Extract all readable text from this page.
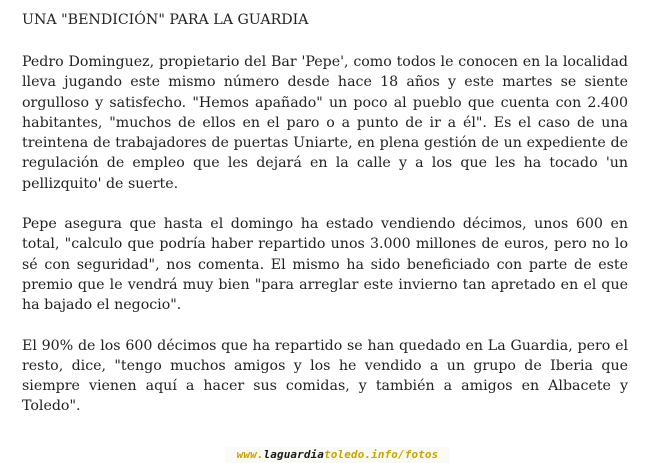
UNA "BENDICIÓN" PARA LA GUARDIA

Pedro Dominguez, propietario del Bar 'Pepe', como todos le conocen en la localidad lleva jugando este mismo número desde hace 18 años y este martes se siente orgulloso y satisfecho. "Hemos apañado" un poco al pueblo que cuenta con 2.400 habitantes, "muchos de ellos en el paro o a punto de ir a él". Es el caso de una treintena de trabajadores de puertas Uniarte, en plena gestión de un expediente de regulación de empleo que les dejará en la calle y a los que les ha tocado 'un pellizquito' de suerte.

Pepe asegura que hasta el domingo ha estado vendiendo décimos, unos 600 en total, "calculo que podría haber repartido unos 3.000 millones de euros, pero no lo sé con seguridad", nos comenta. El mismo ha sido beneficiado con parte de este premio que le vendrá muy bien "para arreglar este invierno tan apretado en el que ha bajado el negocio".

El 90% de los 600 décimos que ha repartido se han quedado en La Guardia, pero el resto, dice, "tengo muchos amigos y los he vendido a un grupo de Iberia que siempre vienen aquí a hacer sus comidas, y también a amigos en Albacete y Toledo".

www.laguardiatoledo.info/fotos
